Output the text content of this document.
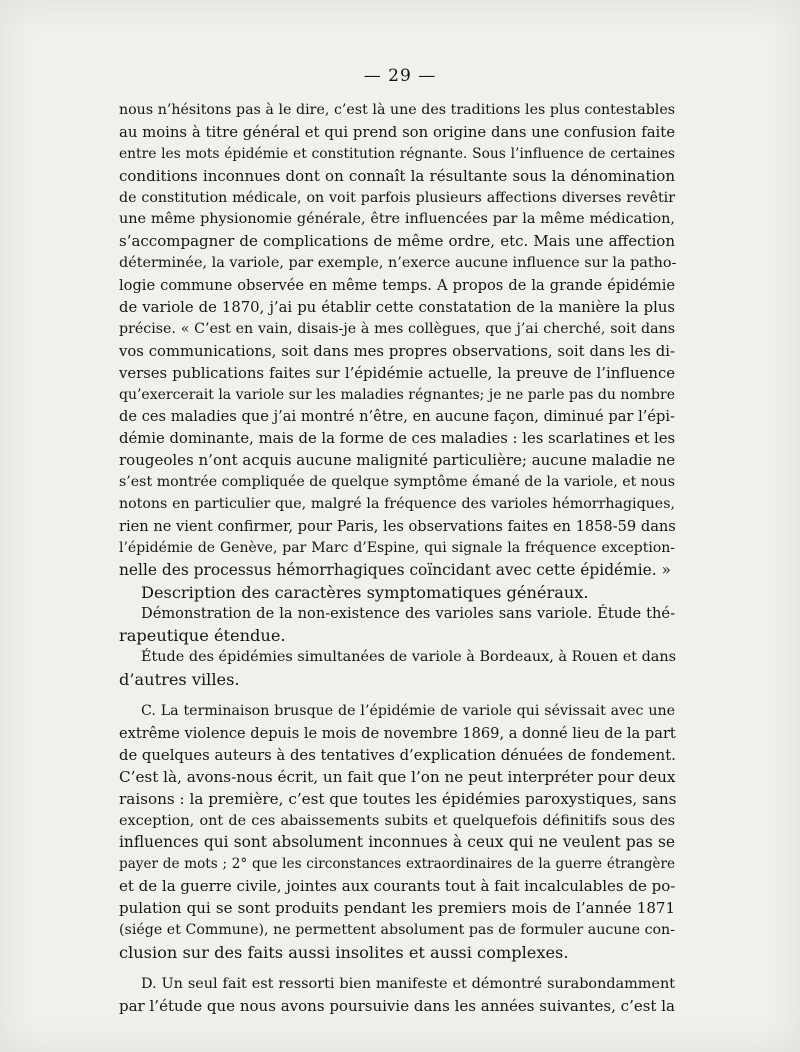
— 29 —
nous n’hésitons pas à le dire, c’est là une des traditions les plus contestables
au moins à titre général et qui prend son origine dans une confusion faite
entre les mots épidémie et constitution régnante. Sous l’influence de certaines
conditions inconnues dont on connaît la résultante sous la dénomination
de constitution médicale, on voit parfois plusieurs affections diverses revêtir
une même physionomie générale, être influencées par la même médication,
s’accompagner de complications de même ordre, etc. Mais une affection
déterminée, la variole, par exemple, n’exerce aucune influence sur la patho-
logie commune observée en même temps. A propos de la grande épidémie
de variole de 1870, j’ai pu établir cette constatation de la manière la plus
précise. « C’est en vain, disais-je à mes collègues, que j’ai cherché, soit dans
vos communications, soit dans mes propres observations, soit dans les di-
verses publications faites sur l’épidémie actuelle, la preuve de l’influence
qu’exercerait la variole sur les maladies régnantes; je ne parle pas du nombre
de ces maladies que j’ai montré n’être, en aucune façon, diminué par l’épi-
démie dominante, mais de la forme de ces maladies : les scarlatines et les
rougeoles n’ont acquis aucune malignité particulière; aucune maladie ne
s’est montrée compliquée de quelque symptôme émané de la variole, et nous
notons en particulier que, malgré la fréquence des varioles hémorrhagiques,
rien ne vient confirmer, pour Paris, les observations faites en 1858-59 dans
l’épidémie de Genève, par Marc d’Espine, qui signale la fréquence exception-
nelle des processus hémorrhagiques coïncidant avec cette épidémie. »
Description des caractères symptomatiques généraux.
Démonstration de la non-existence des varioles sans variole. Étude thé-
rapeutique étendue.
Étude des épidémies simultanées de variole à Bordeaux, à Rouen et dans
d’autres villes.
C. La terminaison brusque de l’épidémie de variole qui sévissait avec une
extrême violence depuis le mois de novembre 1869, a donné lieu de la part
de quelques auteurs à des tentatives d’explication dénuées de fondement.
C’est là, avons-nous écrit, un fait que l’on ne peut interpréter pour deux
raisons : la première, c’est que toutes les épidémies paroxystiques, sans
exception, ont de ces abaissements subits et quelquefois définitifs sous des
influences qui sont absolument inconnues à ceux qui ne veulent pas se
payer de mots ; 2° que les circonstances extraordinaires de la guerre étrangère
et de la guerre civile, jointes aux courants tout à fait incalculables de po-
pulation qui se sont produits pendant les premiers mois de l’année 1871
(siége et Commune), ne permettent absolument pas de formuler aucune con-
clusion sur des faits aussi insolites et aussi complexes.
D. Un seul fait est ressorti bien manifeste et démontré surabondamment
par l’étude que nous avons poursuivie dans les années suivantes, c’est la
